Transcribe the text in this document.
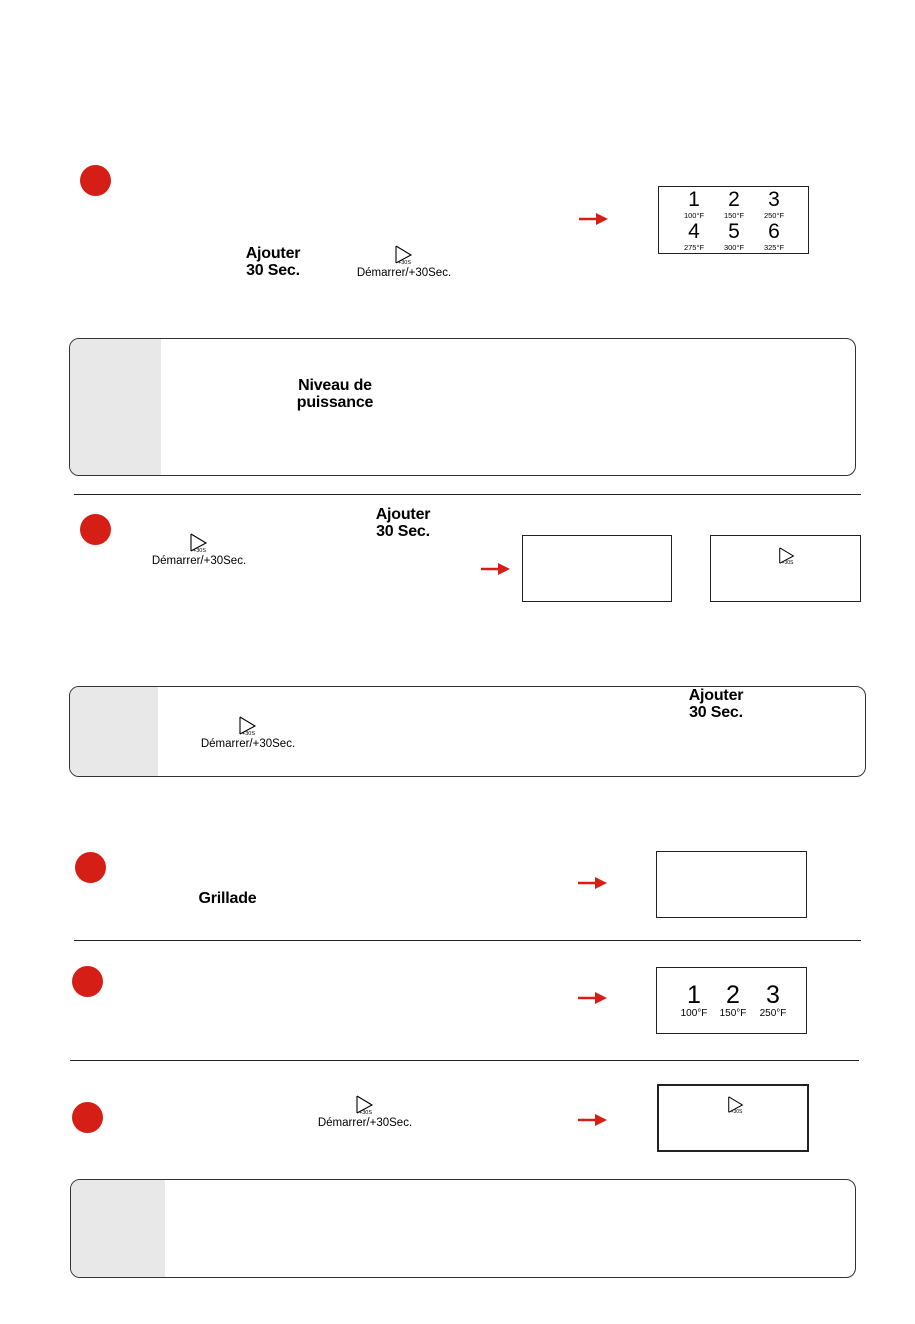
Ajouter
30 Sec.	+30S
Démarrer/+30Sec.
1
100°F
2
150°F
3
250°F
4
275°F
5
300°F
6
325°F
Niveau de
puissance
+30S
Démarrer/+30Sec.
Ajouter
30 Sec.
+30S
+30S
Démarrer/+30Sec.
Ajouter
30 Sec.
Grillade
1
100°F
2
150°F
3
250°F
+30S
Démarrer/+30Sec.
+30S
